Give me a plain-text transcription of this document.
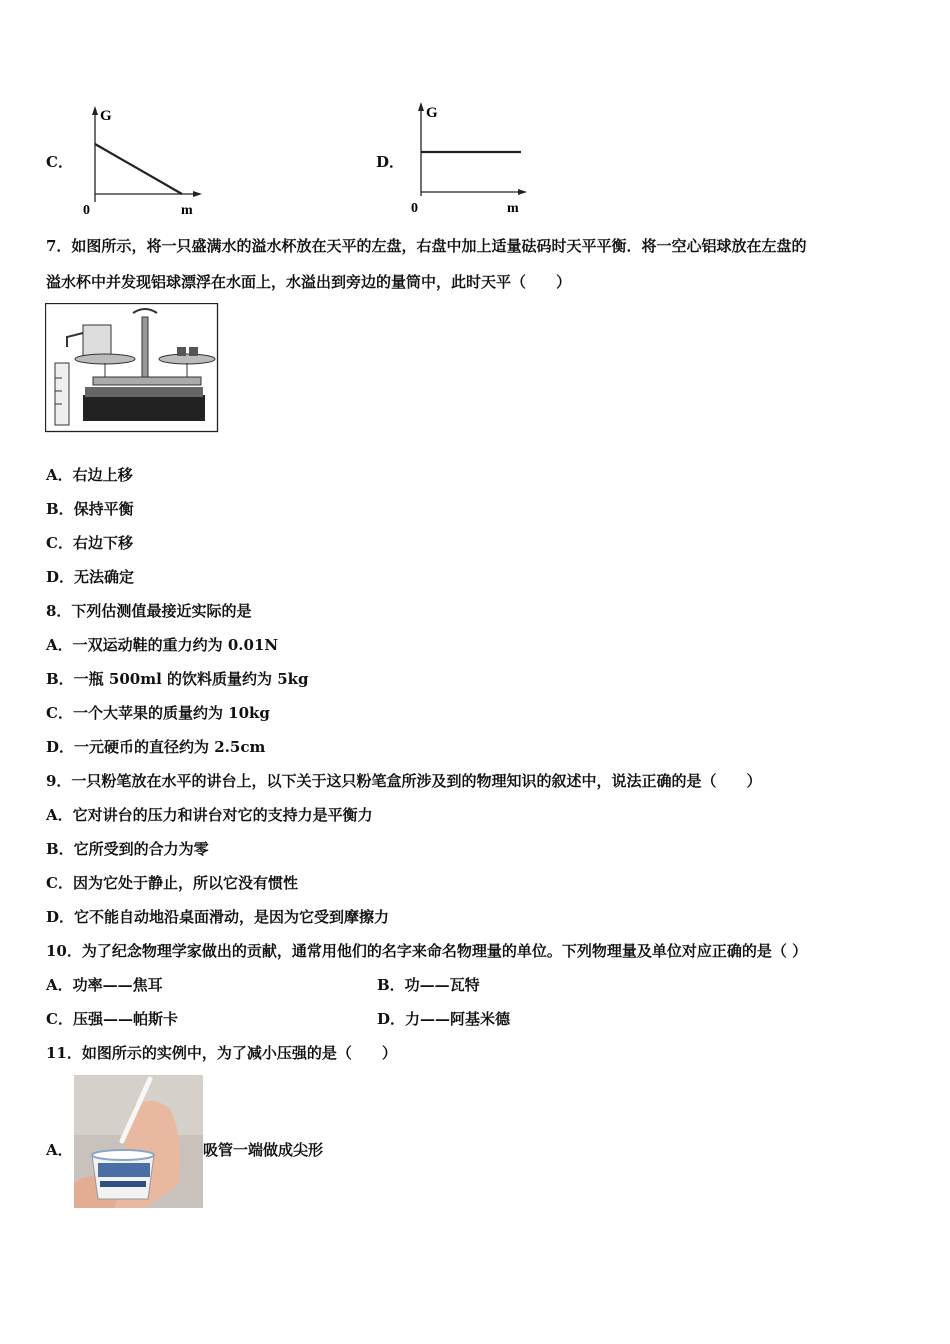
C．
G
m
0
D．
G
m
0
7．如图所示，将一只盛满水的溢水杯放在天平的左盘，右盘中加上适量砝码时天平平衡．将一空心铝球放在左盘的
溢水杯中并发现铝球漂浮在水面上，水溢出到旁边的量筒中，此时天平（　　）
A．右边上移
B．保持平衡
C．右边下移
D．无法确定
8．下列估测值最接近实际的是
A．一双运动鞋的重力约为 0.01N
B．一瓶 500ml 的饮料质量约为 5kg
C．一个大苹果的质量约为 10kg
D．一元硬币的直径约为 2.5cm
9．一只粉笔放在水平的讲台上，以下关于这只粉笔盒所涉及到的物理知识的叙述中，说法正确的是（　　）
A．它对讲台的压力和讲台对它的支持力是平衡力
B．它所受到的合力为零
C．因为它处于静止，所以它没有惯性
D．它不能自动地沿桌面滑动，是因为它受到摩擦力
10．为了纪念物理学家做出的贡献，通常用他们的名字来命名物理量的单位。下列物理量及单位对应正确的是（ ）
A．功率——焦耳	B．功——瓦特
C．压强——帕斯卡	D．力——阿基米德
11．如图所示的实例中，为了减小压强的是（　　）
A．	吸管一端做成尖形
